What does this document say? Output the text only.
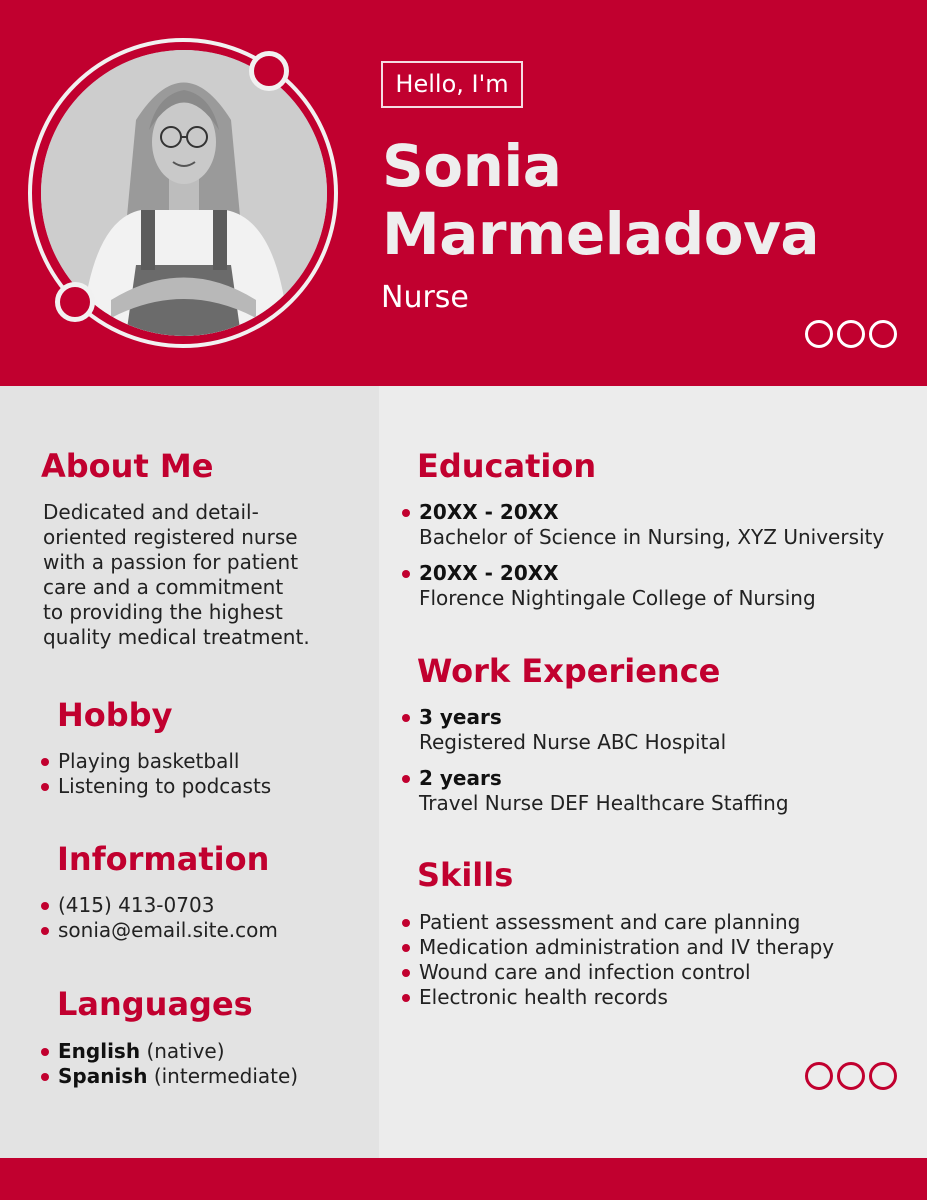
Hello, I'm
Sonia
Marmeladova
Nurse
About Me
Dedicated and detail-
oriented registered nurse
with a passion for patient
care and a commitment
to providing the highest
quality medical treatment.
Hobby
Playing basketball
Listening to podcasts
Information
(415) 413-0703
sonia@email.site.com
Languages
English (native)
Spanish (intermediate)
Education
20XX - 20XX
Bachelor of Science in Nursing, XYZ University
20XX - 20XX
Florence Nightingale College of Nursing
Work Experience
3 years
Registered Nurse ABC Hospital
2 years
Travel Nurse DEF Healthcare Staffing
Skills
Patient assessment and care planning
Medication administration and IV therapy
Wound care and infection control
Electronic health records
